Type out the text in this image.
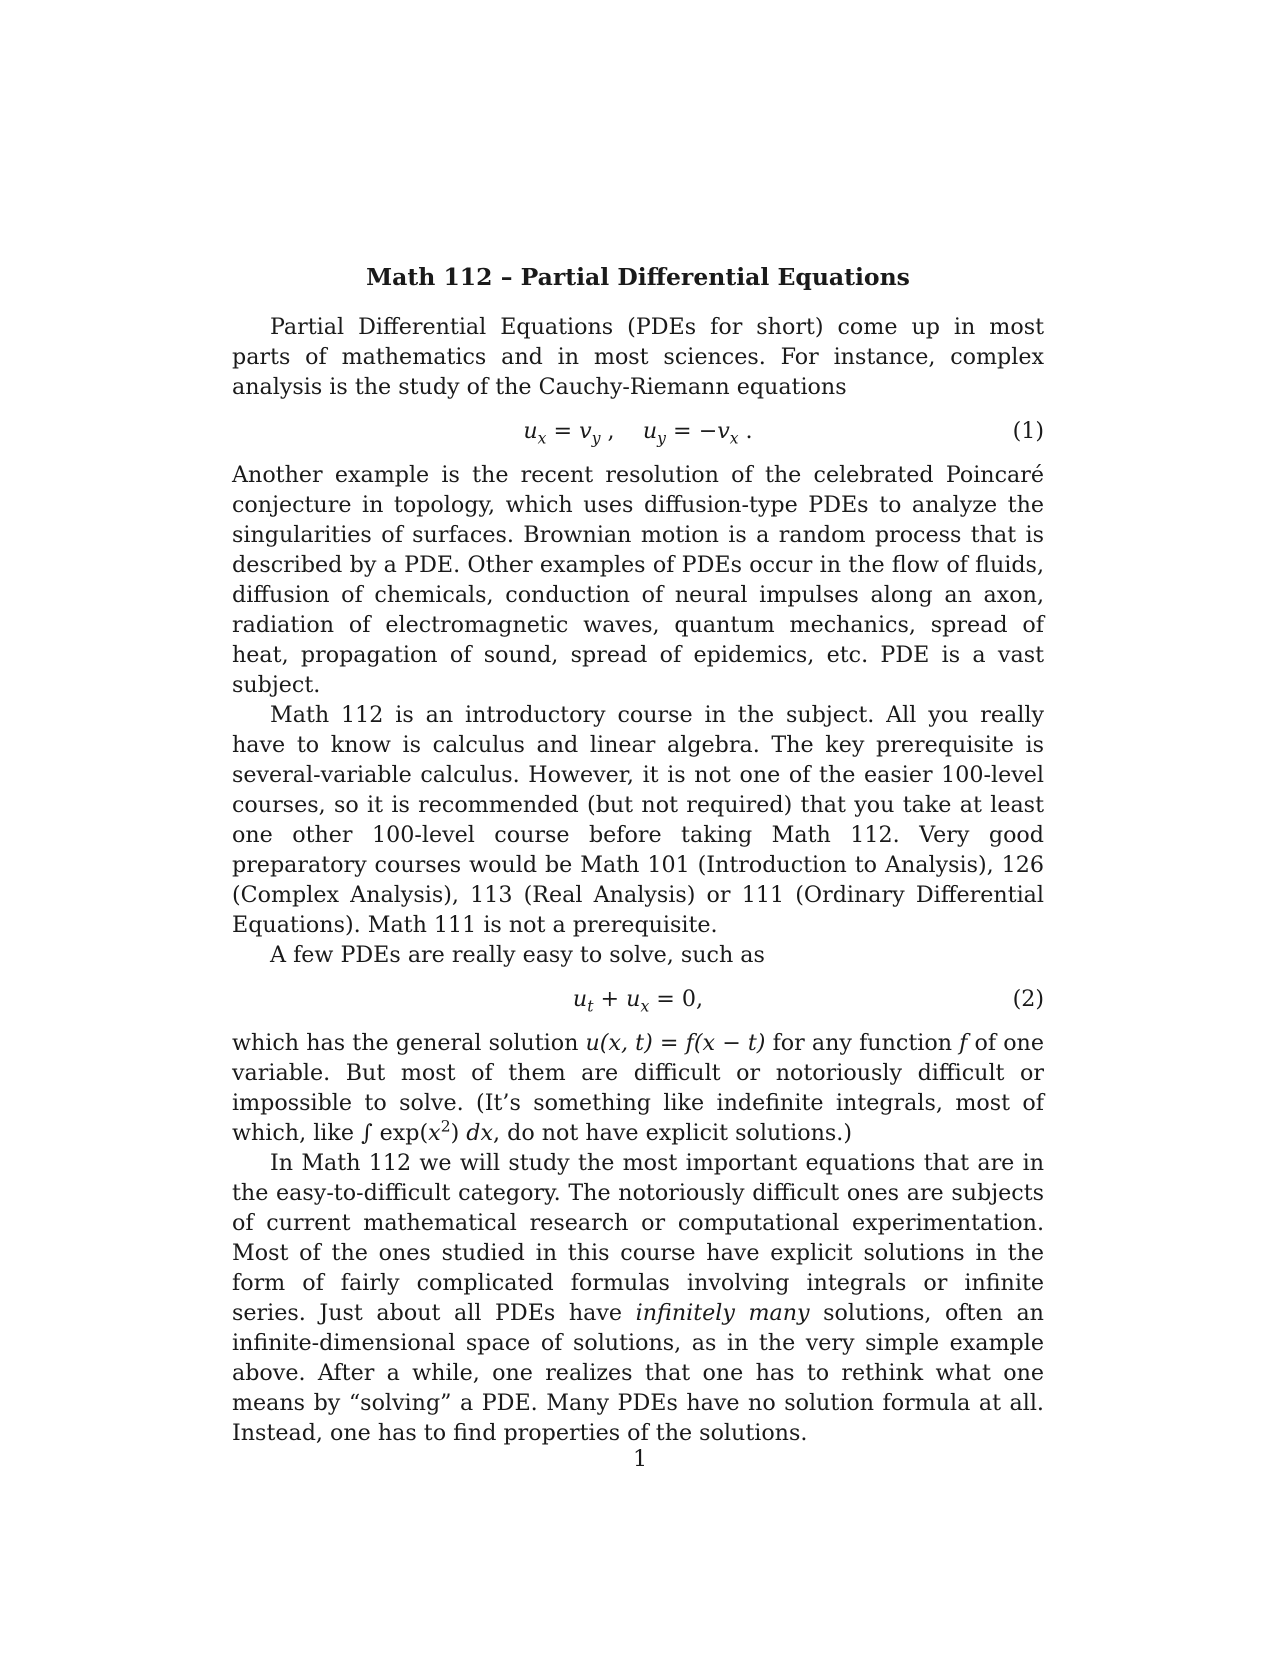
Math 112 – Partial Differential Equations

Partial Differential Equations (PDEs for short) come up in most parts of mathematics and in most sciences. For instance, complex analysis is the study of the Cauchy-Riemann equations

$u_x = v_y$ ,    $u_y = -v_x$ .	(1)

Another example is the recent resolution of the celebrated Poincaré conjecture in topology, which uses diffusion-type PDEs to analyze the singularities of surfaces. Brownian motion is a random process that is described by a PDE. Other examples of PDEs occur in the flow of fluids, diffusion of chemicals, conduction of neural impulses along an axon, radiation of electromagnetic waves, quantum mechanics, spread of heat, propagation of sound, spread of epidemics, etc. PDE is a vast subject.

Math 112 is an introductory course in the subject. All you really have to know is calculus and linear algebra. The key prerequisite is several-variable calculus. However, it is not one of the easier 100-level courses, so it is recommended (but not required) that you take at least one other 100-level course before taking Math 112. Very good preparatory courses would be Math 101 (Introduction to Analysis), 126 (Complex Analysis), 113 (Real Analysis) or 111 (Ordinary Differential Equations). Math 111 is not a prerequisite.

A few PDEs are really easy to solve, such as

$u_t + u_x = 0$,	(2)

which has the general solution u(x, t) = f(x − t) for any function f of one variable. But most of them are difficult or notoriously difficult or impossible to solve. (It’s something like indefinite integrals, most of which, like ∫ $\exp(x^2)$ dx, do not have explicit solutions.)

In Math 112 we will study the most important equations that are in the easy-to-difficult category. The notoriously difficult ones are subjects of current mathematical research or computational experimentation. Most of the ones studied in this course have explicit solutions in the form of fairly complicated formulas involving integrals or infinite series. Just about all PDEs have infinitely many solutions, often an infinite-dimensional space of solutions, as in the very simple example above. After a while, one realizes that one has to rethink what one means by “solving” a PDE. Many PDEs have no solution formula at all. Instead, one has to find properties of the solutions.

1
